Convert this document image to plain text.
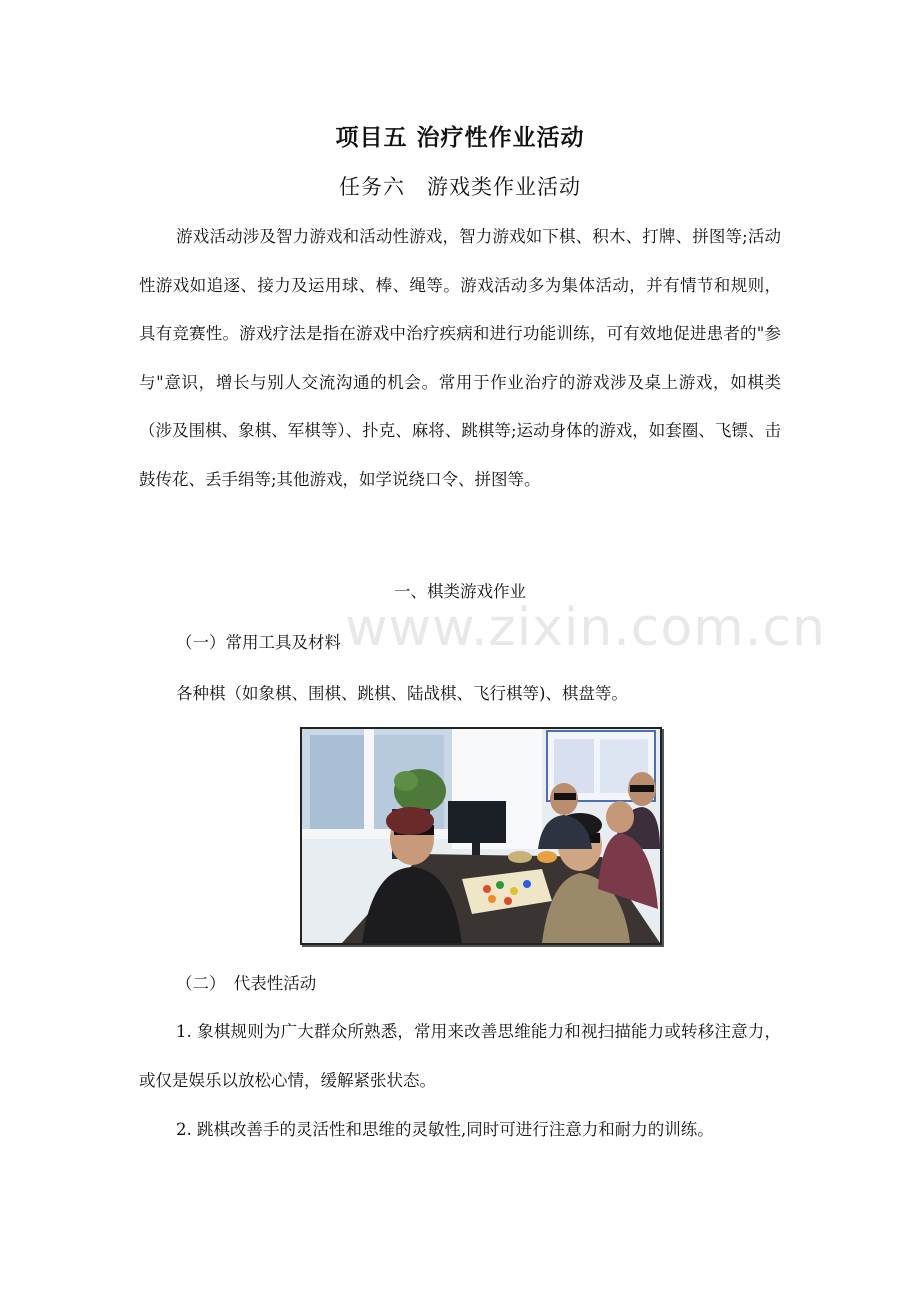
项目五 治疗性作业活动
任务六　游戏类作业活动
游戏活动涉及智力游戏和活动性游戏，智力游戏如下棋、积木、打牌、拼图等;活动性游戏如追逐、接力及运用球、棒、绳等。游戏活动多为集体活动，并有情节和规则，具有竞赛性。游戏疗法是指在游戏中治疗疾病和进行功能训练，可有效地促进患者的"参与"意识，增长与别人交流沟通的机会。常用于作业治疗的游戏涉及桌上游戏，如棋类（涉及围棋、象棋、军棋等）、扑克、麻将、跳棋等;运动身体的游戏，如套圈、飞镖、击鼓传花、丢手绢等;其他游戏，如学说绕口令、拼图等。
一、棋类游戏作业
www.zixin.com.cn
（一）常用工具及材料
各种棋（如象棋、围棋、跳棋、陆战棋、飞行棋等)、棋盘等。
（二）　代表性活动
1. 象棋规则为广大群众所熟悉，常用来改善思维能力和视扫描能力或转移注意力，或仅是娱乐以放松心情，缓解紧张状态。
2. 跳棋改善手的灵活性和思维的灵敏性,同时可进行注意力和耐力的训练。
